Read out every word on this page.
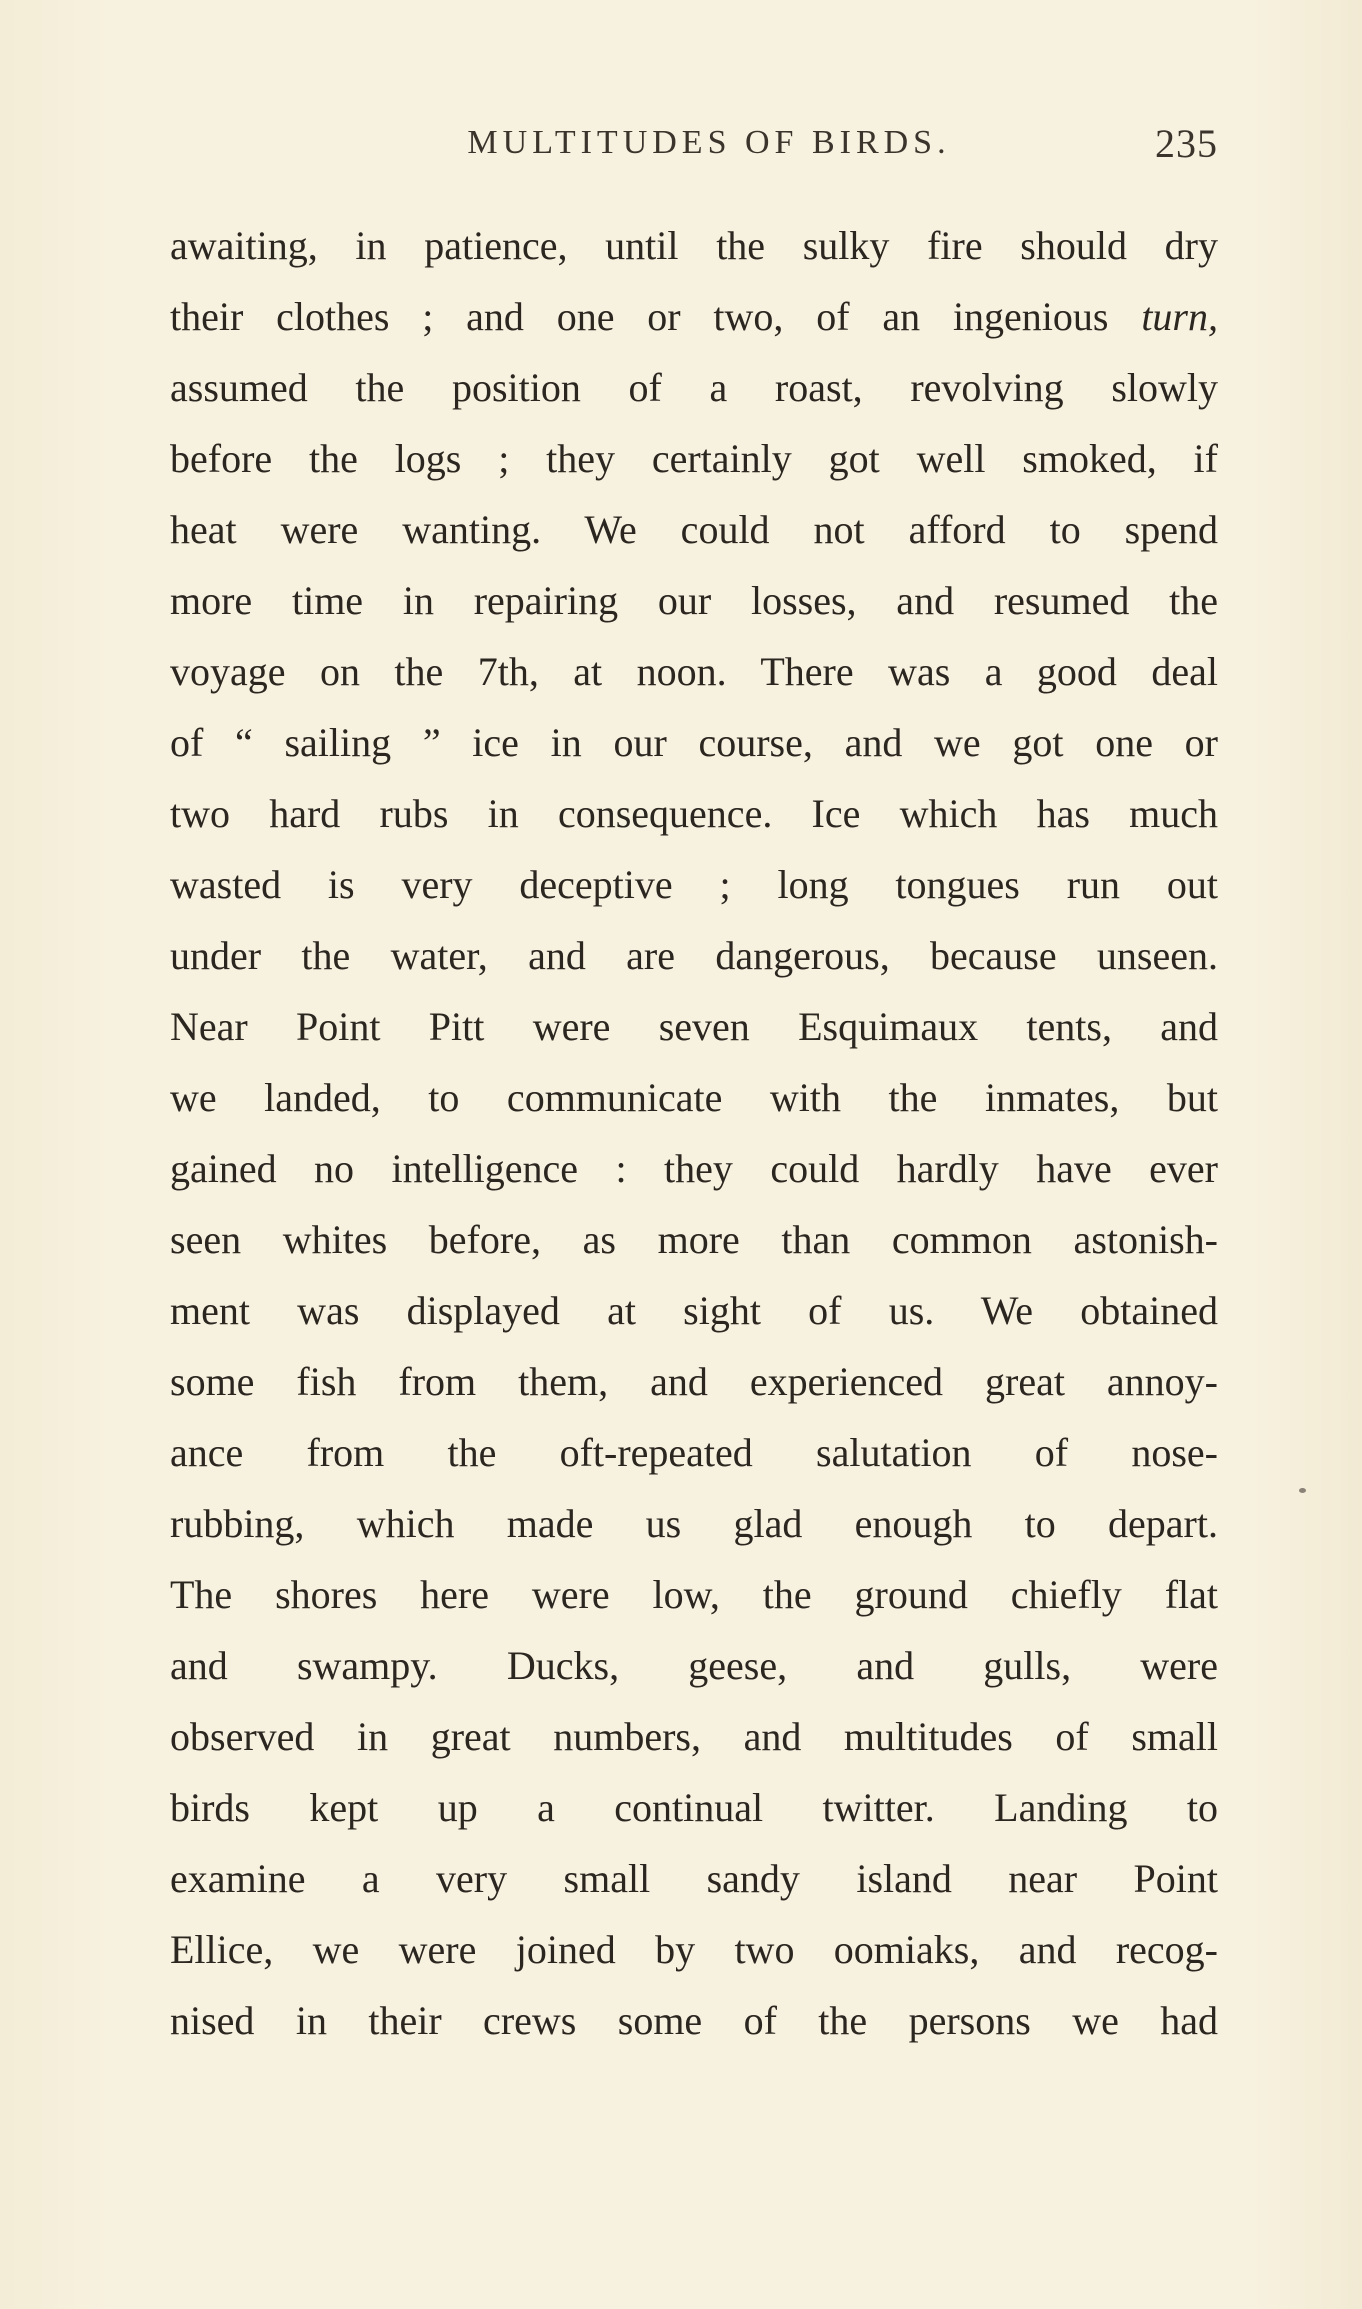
MULTITUDES OF BIRDS.	235
awaiting, in patience, until the sulky fire should dry
their clothes ; and one or two, of an ingenious turn,
assumed the position of a roast, revolving slowly
before the logs ; they certainly got well smoked, if
heat were wanting. We could not afford to spend
more time in repairing our losses, and resumed the
voyage on the 7th, at noon. There was a good deal
of “ sailing ” ice in our course, and we got one or
two hard rubs in consequence. Ice which has much
wasted is very deceptive ; long tongues run out
under the water, and are dangerous, because unseen.
Near Point Pitt were seven Esquimaux tents, and
we landed, to communicate with the inmates, but
gained no intelligence : they could hardly have ever
seen whites before, as more than common astonish-
ment was displayed at sight of us. We obtained
some fish from them, and experienced great annoy-
ance from the oft-repeated salutation of nose-
rubbing, which made us glad enough to depart.
The shores here were low, the ground chiefly flat
and swampy. Ducks, geese, and gulls, were
observed in great numbers, and multitudes of small
birds kept up a continual twitter. Landing to
examine a very small sandy island near Point
Ellice, we were joined by two oomiaks, and recog-
nised in their crews some of the persons we had
